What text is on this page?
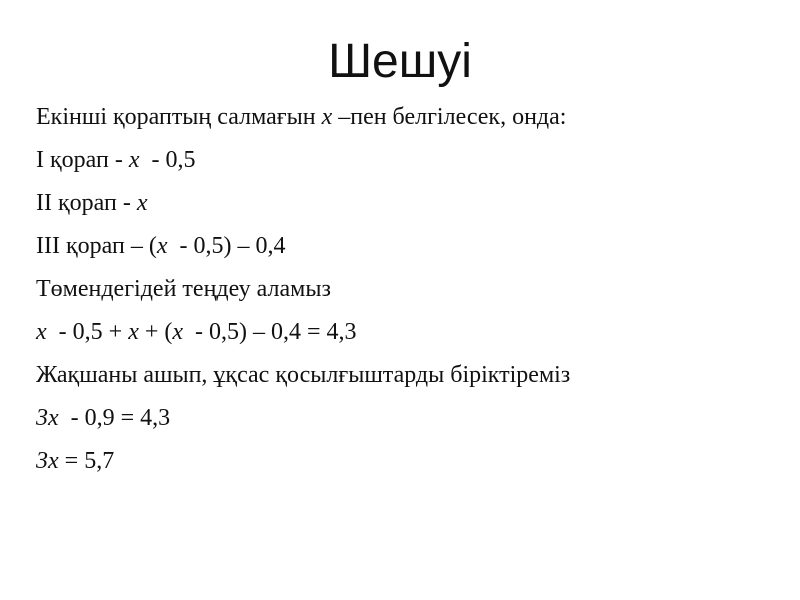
Шешуі
Екінші қораптың салмағын x –пен белгілесек, онда:
I қорап - x  - 0,5
II қорап - x
III қорап – (x  - 0,5) – 0,4
Төмендегідей теңдеу аламыз
x  - 0,5 + x + (x  - 0,5) – 0,4 = 4,3
Жақшаны ашып, ұқсас қосылғыштарды біріктіреміз
3x  - 0,9 = 4,3
3x = 5,7
